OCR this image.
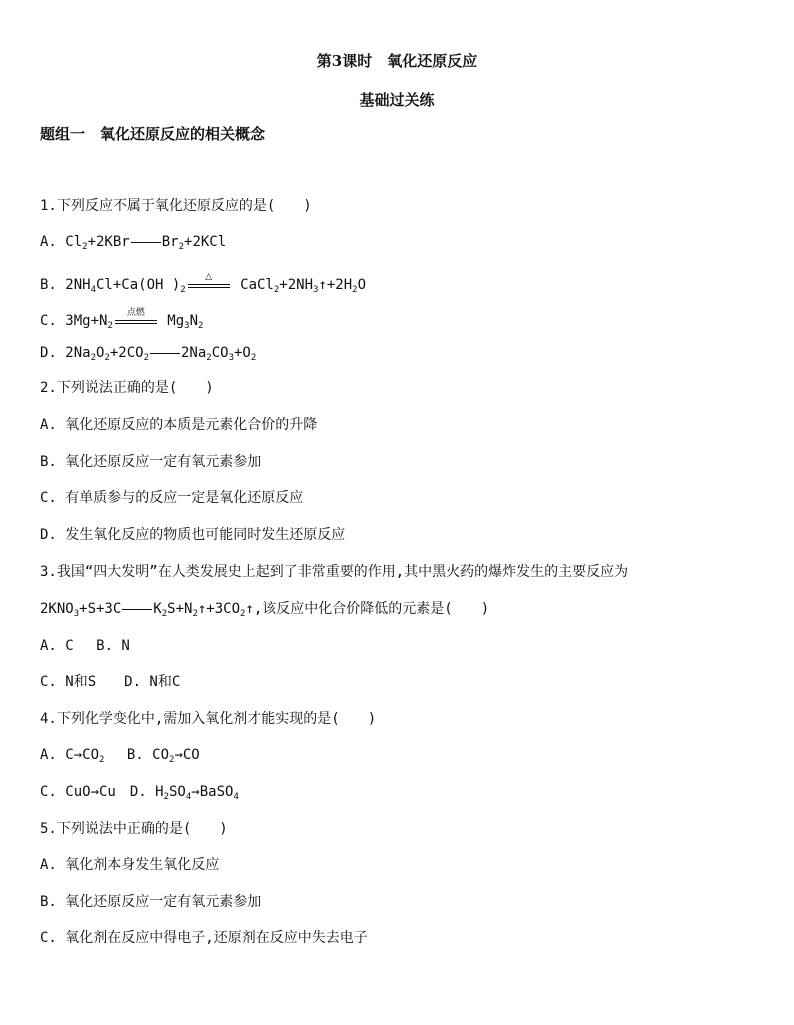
第3课时　氧化还原反应
基础过关练
题组一　氧化还原反应的相关概念
1.下列反应不属于氧化还原反应的是(　　)
A. $Cl_2+2KBr$ $Br_2+2KCl$
B. $2NH_4Cl+Ca(OH$ )$_2$
△	$CaCl_2+2NH_3↑+2H_2O$
C. $3Mg+N_2$
点燃	$Mg_3N_2$
D. $2Na_2O_2+2CO_2$ $2Na_2CO_3+O_2$
2.下列说法正确的是(　　)
A. 氧化还原反应的本质是元素化合价的升降
B. 氧化还原反应一定有氧元素参加
C. 有单质参与的反应一定是氧化还原反应
D. 发生氧化反应的物质也可能同时发生还原反应
3.我国“四大发明”在人类发展史上起到了非常重要的作用,其中黑火药的爆炸发生的主要反应为
$2KNO_3+S+3C$ $K_2S+N_2↑+3CO_2↑$,该反应中化合价降低的元素是(　　)
A. C　 B. N
C. N和S　　D. N和C
4.下列化学变化中,需加入氧化剂才能实现的是(　　)
A. $C\to CO_2$　 B. $CO_2\to CO$
C. CuO→Cu　D. $H_2SO_4\to BaSO_4$
5.下列说法中正确的是(　　)
A. 氧化剂本身发生氧化反应
B. 氧化还原反应一定有氧元素参加
C. 氧化剂在反应中得电子,还原剂在反应中失去电子
